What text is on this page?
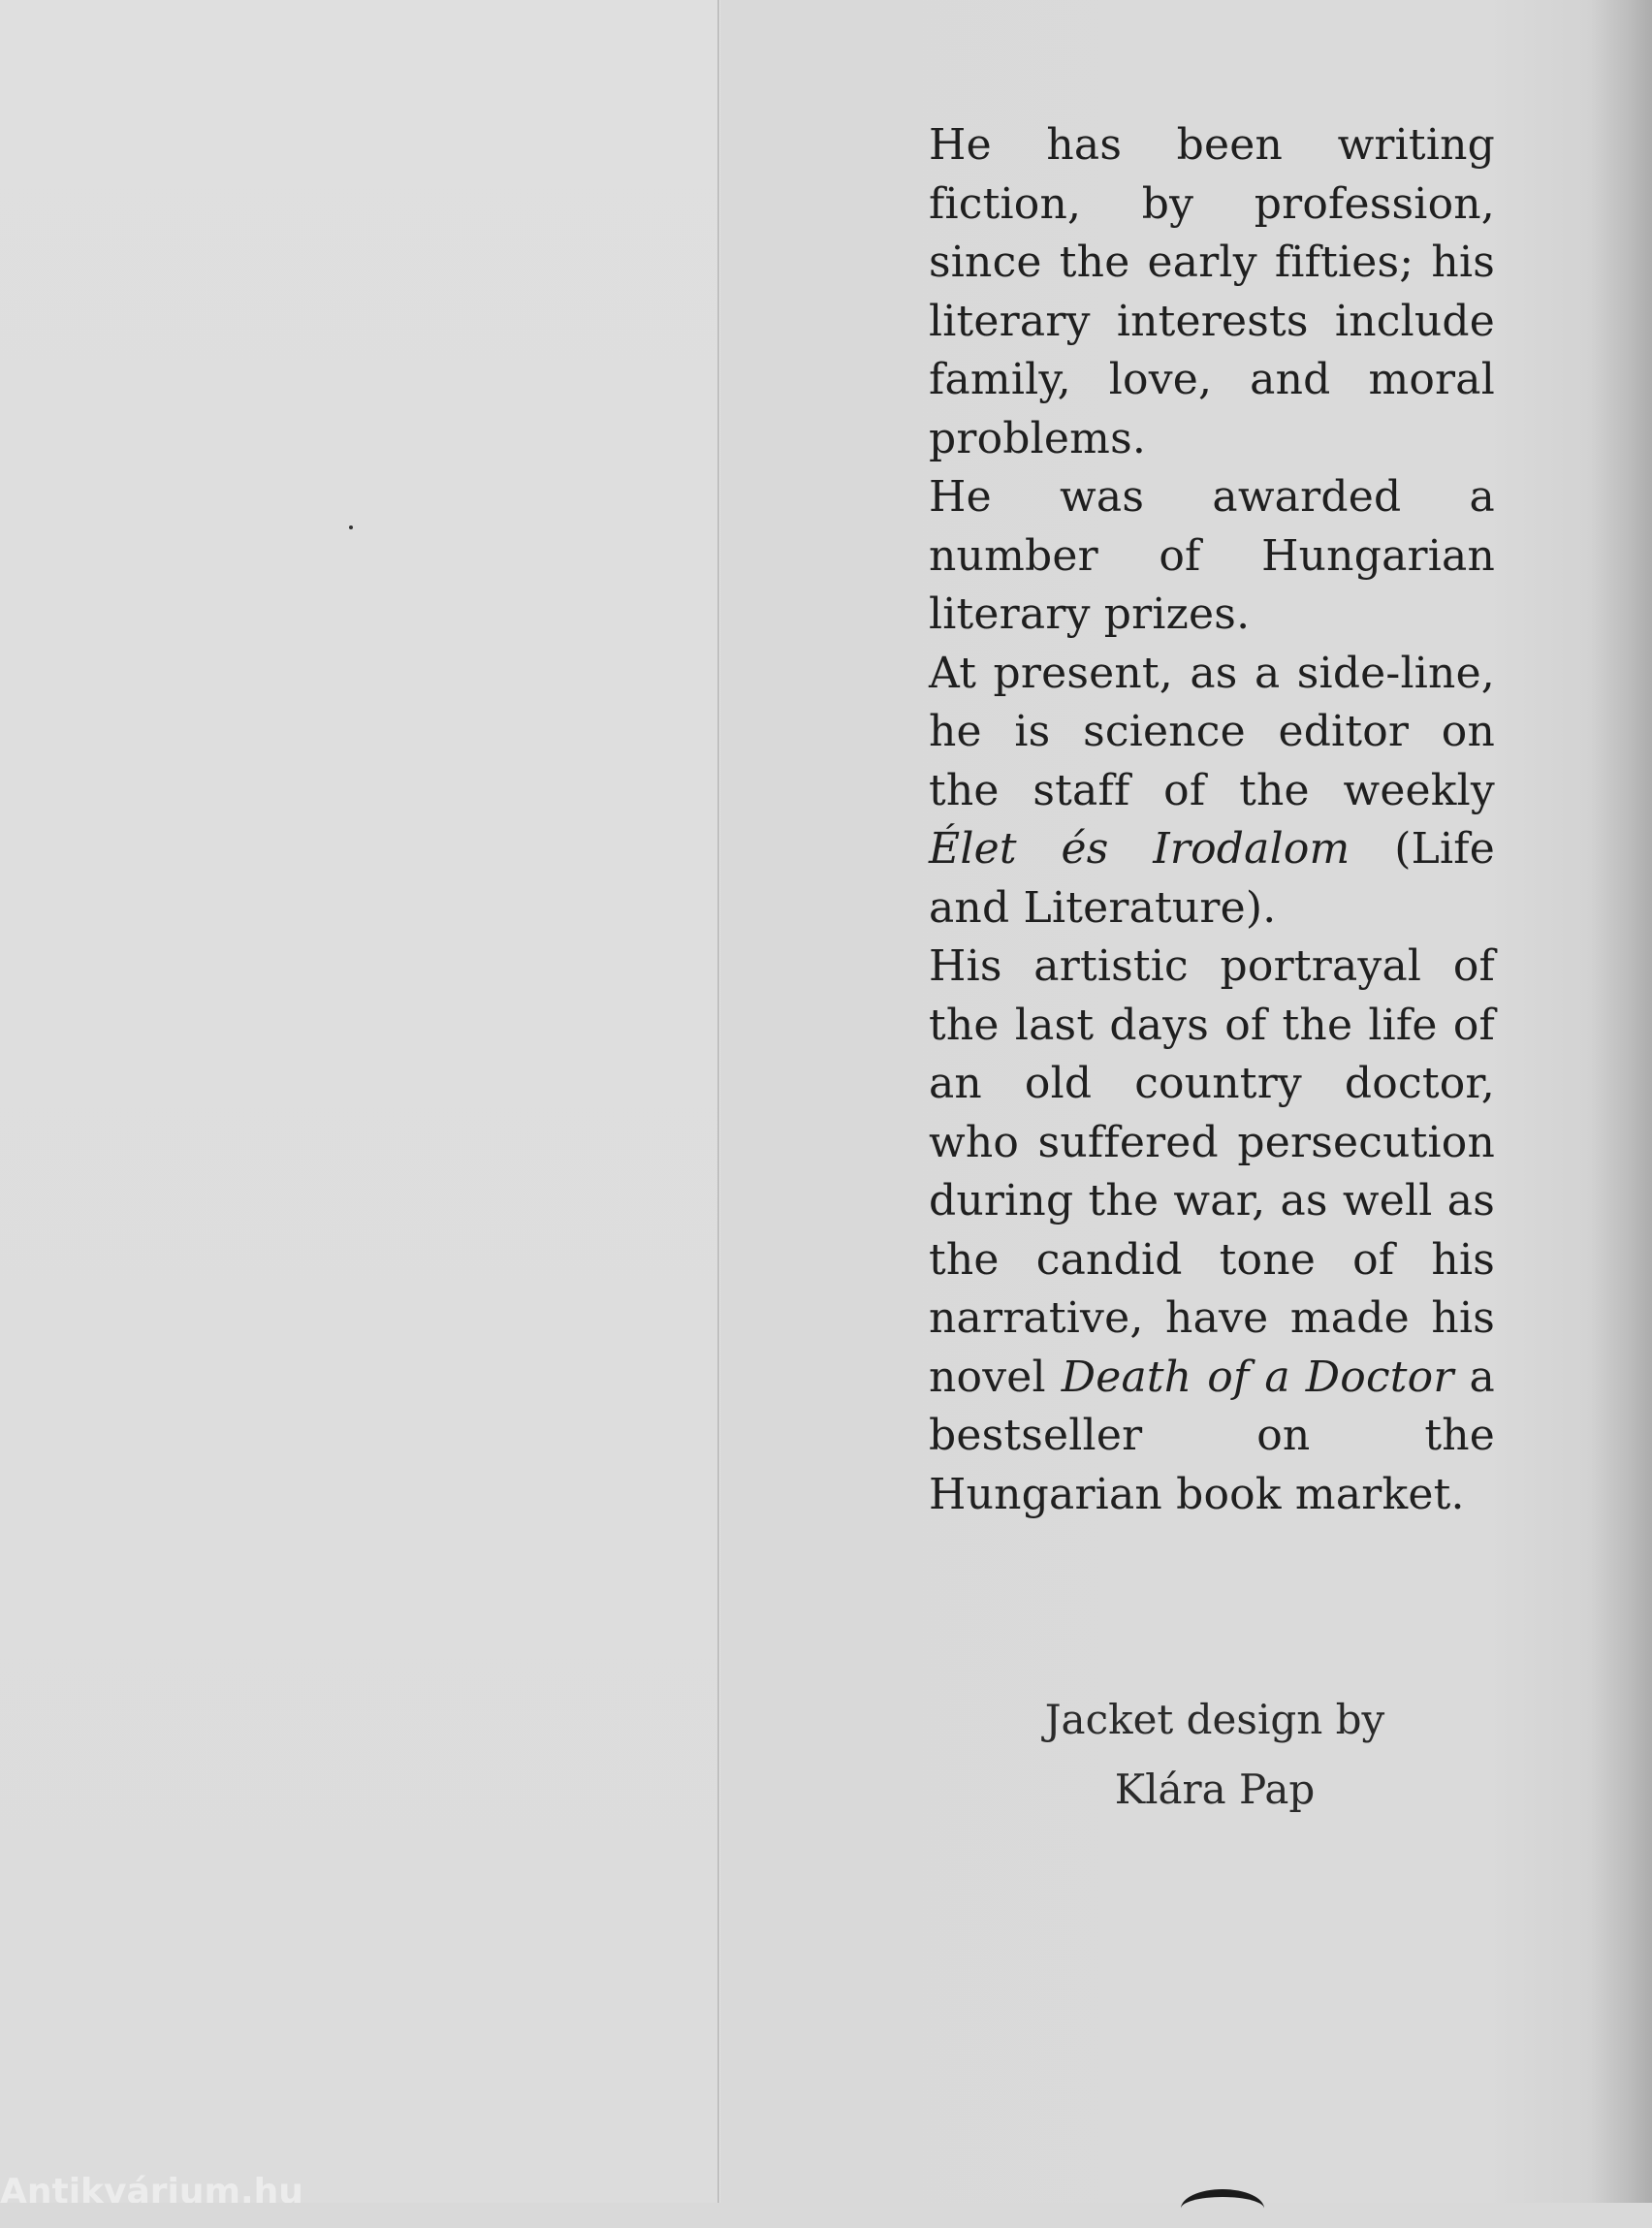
He has been writing fiction, by profession, since the early fifties; his literary interests include family, love, and moral problems.

He was awarded a number of Hungarian literary prizes.

At present, as a side-line, he is science editor on the staff of the weekly Élet és Irodalom (Life and Literature).

His artistic portrayal of the last days of the life of an old country doctor, who suffered persecution during the war, as well as the candid tone of his narrative, have made his novel Death of a Doctor a bestseller on the Hungarian book market.

Jacket design by
Klára Pap
Antikvárium.hu
